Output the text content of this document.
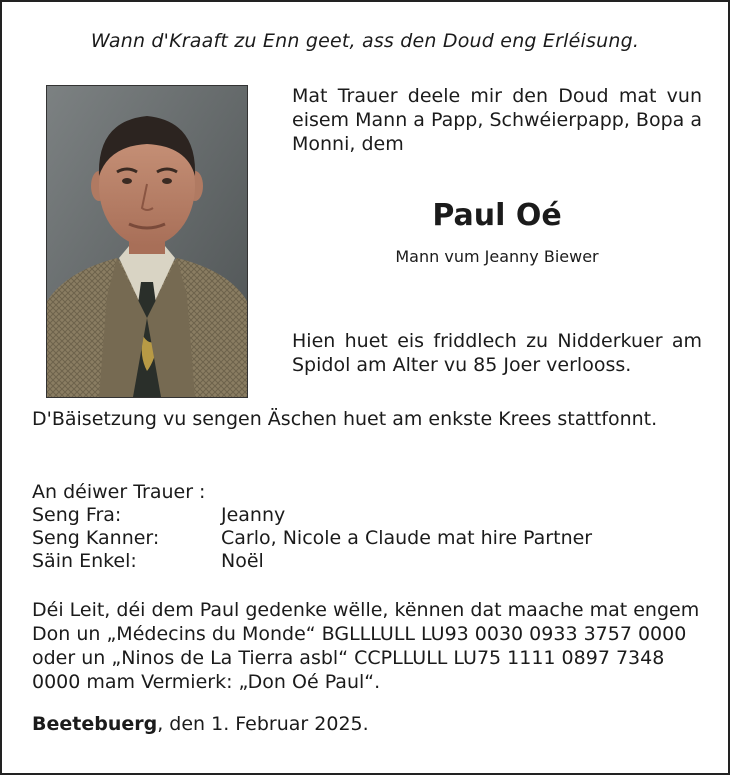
Wann d'Kraaft zu Enn geet, ass den Doud eng Erléisung.
Mat Trauer deele mir den Doud mat vun eisem Mann a Papp, Schwéierpapp, Bopa a Monni, dem
Paul Oé
Mann vum Jeanny Biewer
Hien huet eis friddlech zu Nidderkuer am Spidol am Alter vu 85 Joer verlooss.
D'Bäisetzung vu sengen Äschen huet am enkste Krees stattfonnt.
An déiwer Trauer :
Seng Fra:	Jeanny
Seng Kanner:	Carlo, Nicole a Claude mat hire Partner
Säin Enkel:	Noël
Déi Leit, déi dem Paul gedenke wëlle, kënnen dat maache mat engem Don un „Médecins du Monde“ BGLLLULL LU93 0030 0933 3757 0000 oder un „Ninos de La Tierra asbl“ CCPLLULL LU75 1111 0897 7348 0000 mam Vermierk: „Don Oé Paul“.
Beetebuerg, den 1. Februar 2025.
